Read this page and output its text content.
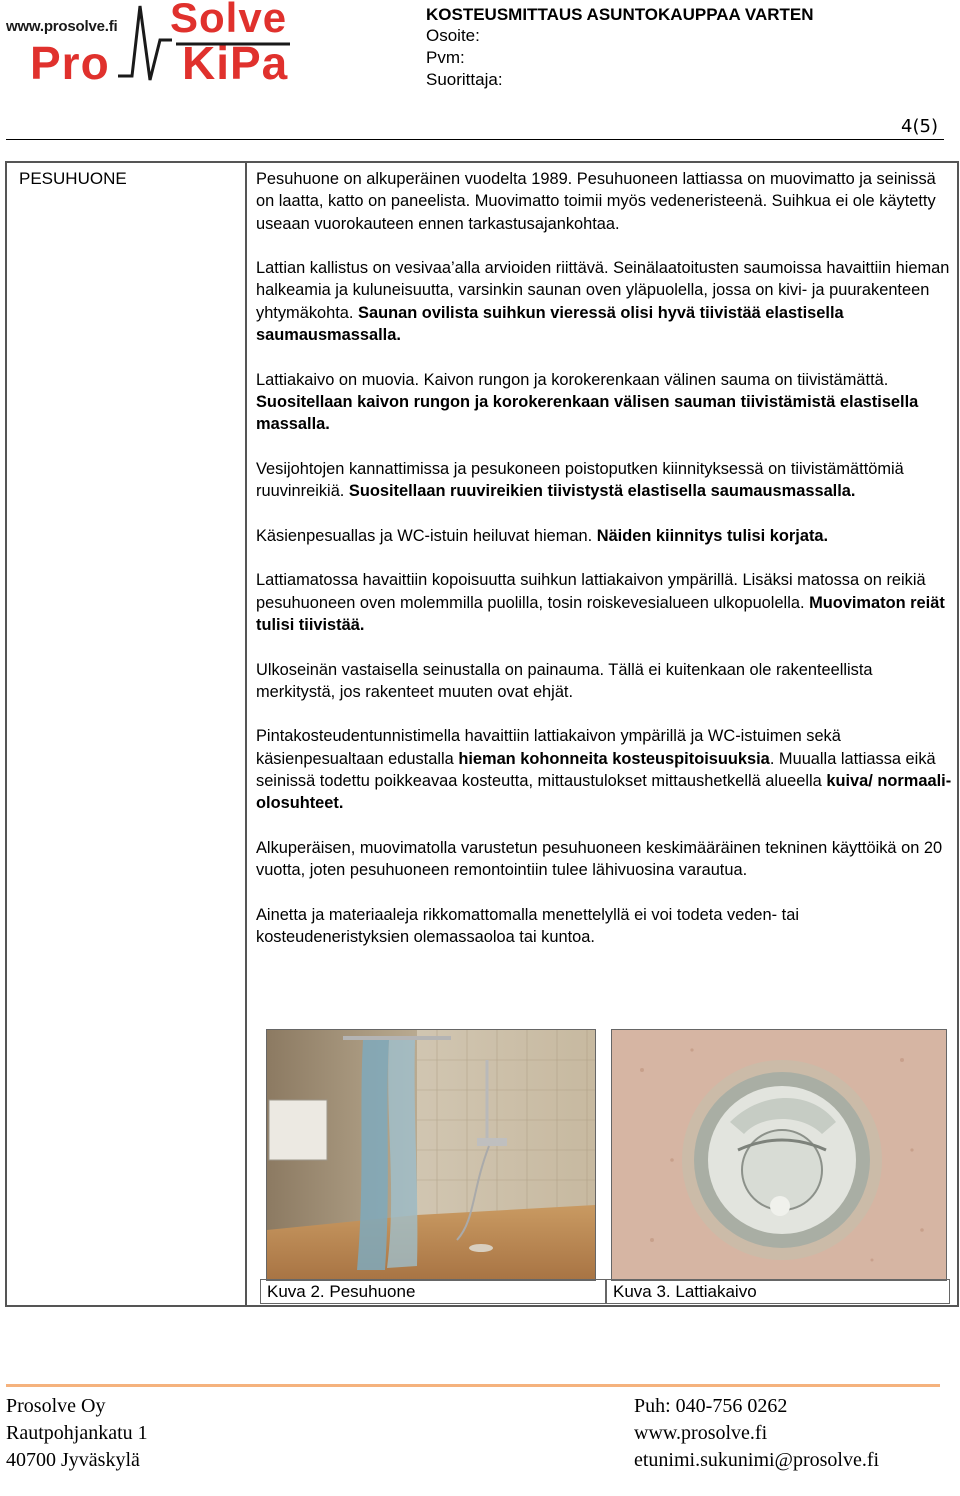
www.prosolve.fi Solve
Pro KiPa
KOSTEUSMITTAUS ASUNTOKAUPPAA VARTEN
Osoite:
Pvm:
Suorittaja:
4(5)
PESUHUONE	Pesuhuone on alkuperäinen vuodelta 1989. Pesuhuoneen lattiassa on muovimatto ja seinissä on laatta, katto on paneelista. Muovimatto toimii myös vedeneristeenä. Suihkua ei ole käytetty useaan vuorokauteen ennen tarkastusajankohtaa.

Lattian kallistus on vesivaa’alla arvioiden riittävä. Seinälaatoitusten saumoissa havaittiin hieman halkeamia ja kuluneisuutta, varsinkin saunan oven yläpuolella, jossa on kivi- ja puurakenteen yhtymäkohta. Saunan ovilista suihkun vieressä olisi hyvä tiivistää elastisella saumausmassalla.

Lattiakaivo on muovia. Kaivon rungon ja korokerenkaan välinen sauma on tiivistämättä. Suositellaan kaivon rungon ja korokerenkaan välisen sauman tiivistämistä elastisella massalla.

Vesijohtojen kannattimissa ja pesukoneen poistoputken kiinnityksessä on tiivistämättömiä ruuvinreikiä. Suositellaan ruuvireikien tiivistystä elastisella saumausmassalla.

Käsienpesuallas ja WC-istuin heiluvat hieman. Näiden kiinnitys tulisi korjata.

Lattiamatossa havaittiin kopoisuutta suihkun lattiakaivon ympärillä. Lisäksi matossa on reikiä pesuhuoneen oven molemmilla puolilla, tosin roiskevesialueen ulkopuolella. Muovimaton reiät tulisi tiivistää.

Ulkoseinän vastaisella seinustalla on painauma. Tällä ei kuitenkaan ole rakenteellista merkitystä, jos rakenteet muuten ovat ehjät.

Pintakosteudentunnistimella havaittiin lattiakaivon ympärillä ja WC-istuimen sekä käsienpesualtaan edustalla hieman kohonneita kosteuspitoisuuksia. Muualla lattiassa eikä seinissä todettu poikkeavaa kosteutta, mittaustulokset mittaushetkellä alueella kuiva/ normaali-olosuhteet.

Alkuperäisen, muovimatolla varustetun pesuhuoneen keskimääräinen tekninen käyttöikä on 20 vuotta, joten pesuhuoneen remontointiin tulee lähivuosina varautua.

Ainetta ja materiaaleja rikkomattomalla menettelyllä ei voi todeta veden- tai kosteudeneristyksien olemassaoloa tai kuntoa.

Kuva 2. Pesuhuone	Kuva 3. Lattiakaivo
Prosolve Oy
Rautpohjankatu 1
40700 Jyväskylä
Puh: 040-756 0262
www.prosolve.fi
etunimi.sukunimi@prosolve.fi
